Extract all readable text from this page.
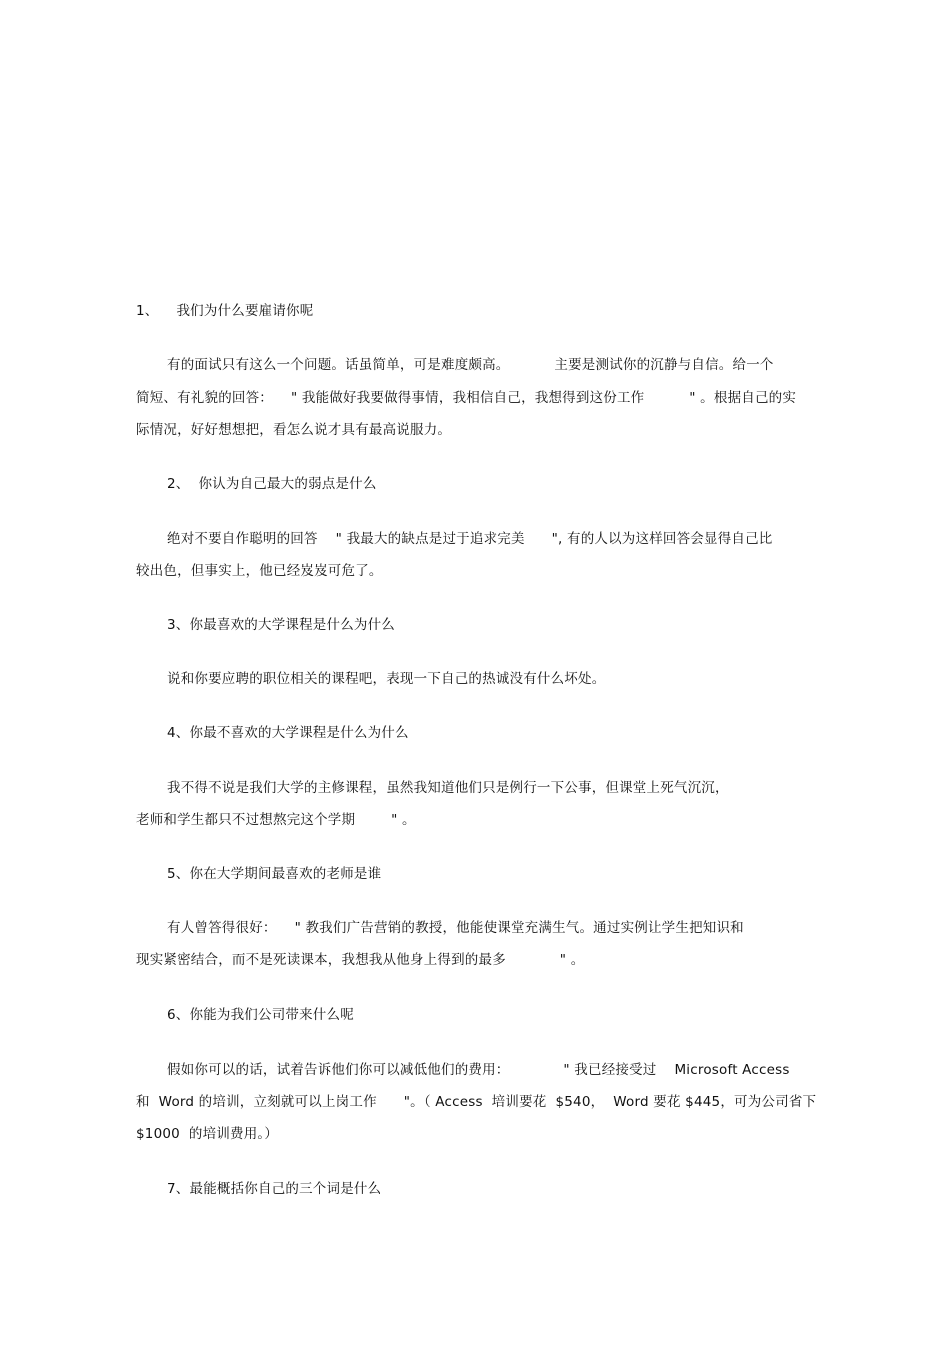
1、    我们为什么要雇请你呢
有的面试只有这么一个问题。话虽简单，可是难度颇高。          主要是测试你的沉静与自信。给一个
简短、有礼貌的回答：    " 我能做好我要做得事情，我相信自己，我想得到这份工作          " 。根据自己的实
际情况，好好想想把，看怎么说才具有最高说服力。
2、  你认为自己最大的弱点是什么
绝对不要自作聪明的回答    " 我最大的缺点是过于追求完美      ", 有的人以为这样回答会显得自己比
较出色，但事实上，他已经岌岌可危了。
3、你最喜欢的大学课程是什么为什么
说和你要应聘的职位相关的课程吧，表现一下自己的热诚没有什么坏处。
4、你最不喜欢的大学课程是什么为什么
我不得不说是我们大学的主修课程，虽然我知道他们只是例行一下公事，但课堂上死气沉沉，
老师和学生都只不过想熬完这个学期        " 。
5、你在大学期间最喜欢的老师是谁
有人曾答得很好：    " 教我们广告营销的教授，他能使课堂充满生气。通过实例让学生把知识和
现实紧密结合，而不是死读课本，我想我从他身上得到的最多            " 。
6、你能为我们公司带来什么呢
假如你可以的话，试着告诉他们你可以减低他们的费用：            " 我已经接受过    Microsoft Access
和  Word 的培训，立刻就可以上岗工作      "。（ Access  培训要花  $540，  Word 要花 $445，可为公司省下
$1000  的培训费用。）
7、最能概括你自己的三个词是什么
